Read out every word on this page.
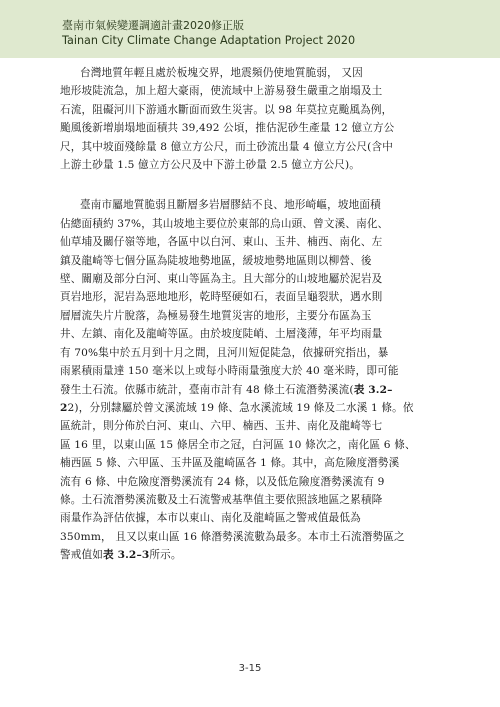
臺南市氣候變遷調適計畫2020修正版
Tainan City Climate Change Adaptation Project 2020

台灣地質年輕且處於板塊交界，地震頻仍使地質脆弱， 又因

地形坡陡流急，加上超大豪雨，使流域中上游易發生嚴重之崩塌及土

石流，阻礙河川下游通水斷面而致生災害。以 98 年莫拉克颱風為例，

颱風後新增崩塌地面積共 39,492 公頃，推估泥砂生產量 12 億立方公

尺，其中坡面殘餘量 8 億立方公尺，而土砂流出量 4 億立方公尺(含中

上游土砂量 1.5 億立方公尺及中下游土砂量 2.5 億立方公尺)。

臺南市屬地質脆弱且斷層多岩層膠結不良、地形崎嶇，坡地面積

佔總面積約 37%，其山坡地主要位於東部的烏山頭、曾文溪、南化、

仙草埔及關仔嶺等地，各區中以白河、東山、玉井、楠西、南化、左

鎮及龍崎等七個分區為陡坡地勢地區，緩坡地勢地區則以柳營、後

壁、關廟及部分白河、東山等區為主。且大部分的山坡地屬於泥岩及

頁岩地形，泥岩為惡地地形，乾時堅硬如石，表面呈龜裂狀，遇水則

層層流失片片脫落，為極易發生地質災害的地形，主要分布區為玉

井、左鎮、南化及龍崎等區。由於坡度陡峭、土層淺薄，年平均雨量

有 70%集中於五月到十月之間，且河川短促陡急，依據研究指出，暴

雨累積雨量達 150 毫米以上或每小時雨量強度大於 40 毫米時，即可能

發生土石流。依縣市統計，臺南市計有 48 條土石流潛勢溪流(表 3.2–

22)，分別隸屬於曾文溪流域 19 條、急水溪流域 19 條及二水溪 1 條。依

區統計，則分佈於白河、東山、六甲、楠西、玉井、南化及龍崎等七

區 16 里，以東山區 15 條居全市之冠，白河區 10 條次之，南化區 6 條、

楠西區 5 條、六甲區、玉井區及龍崎區各 1 條。其中，高危險度潛勢溪

流有 6 條、中危險度潛勢溪流有 24 條，以及低危險度潛勢溪流有 9

條。土石流潛勢溪流數及土石流警戒基準值主要依照該地區之累積降

雨量作為評估依據，本市以東山、南化及龍崎區之警戒值最低為

350mm， 且又以東山區 16 條潛勢溪流數為最多。本市土石流潛勢區之

警戒值如表 3.2–3所示。

3-15
